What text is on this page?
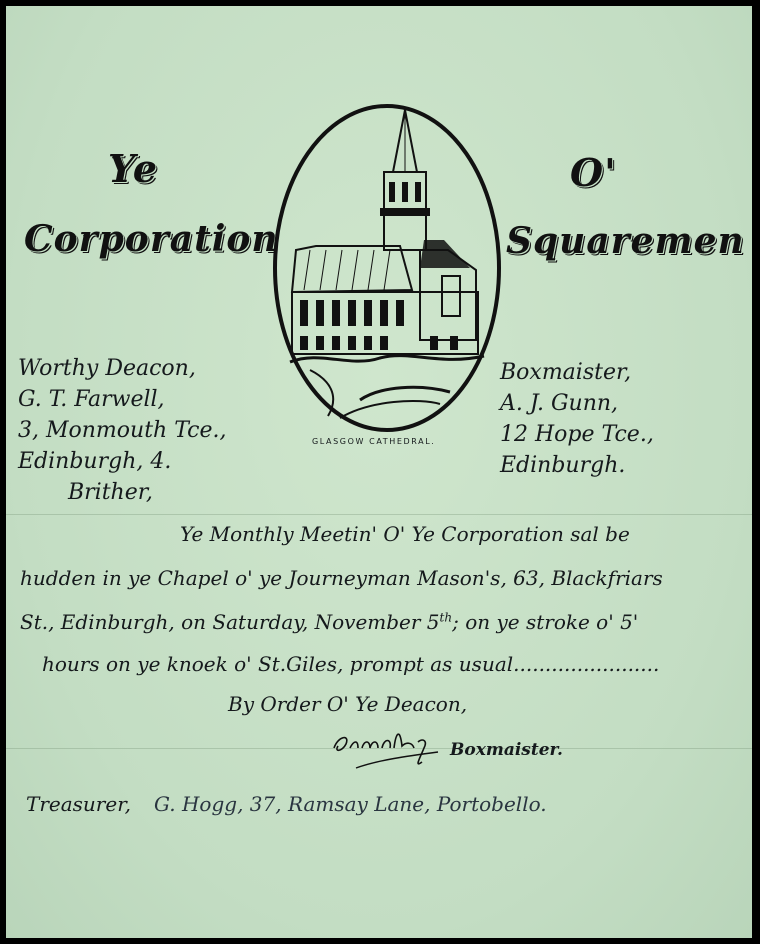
Ye	O'
Corporation	Squaremen
GLASGOW CATHEDRAL.
Worthy Deacon,
G. T. Farwell,
3, Monmouth Tce.,
Edinburgh, 4.
Boxmaister,
A. J. Gunn,
12 Hope Tce.,
Edinburgh.
Brither,
Ye Monthly Meetin' O' Ye Corporation sal be
hudden in ye Chapel o' ye Journeyman Mason's, 63, Blackfriars
St., Edinburgh, on Saturday, November 5th; on ye stroke o' 5'
hours on ye knoek o' St.Giles, prompt as usual.......................
By Order O' Ye Deacon,
Boxmaister.
Treasurer, G. Hogg, 37, Ramsay Lane, Portobello.
